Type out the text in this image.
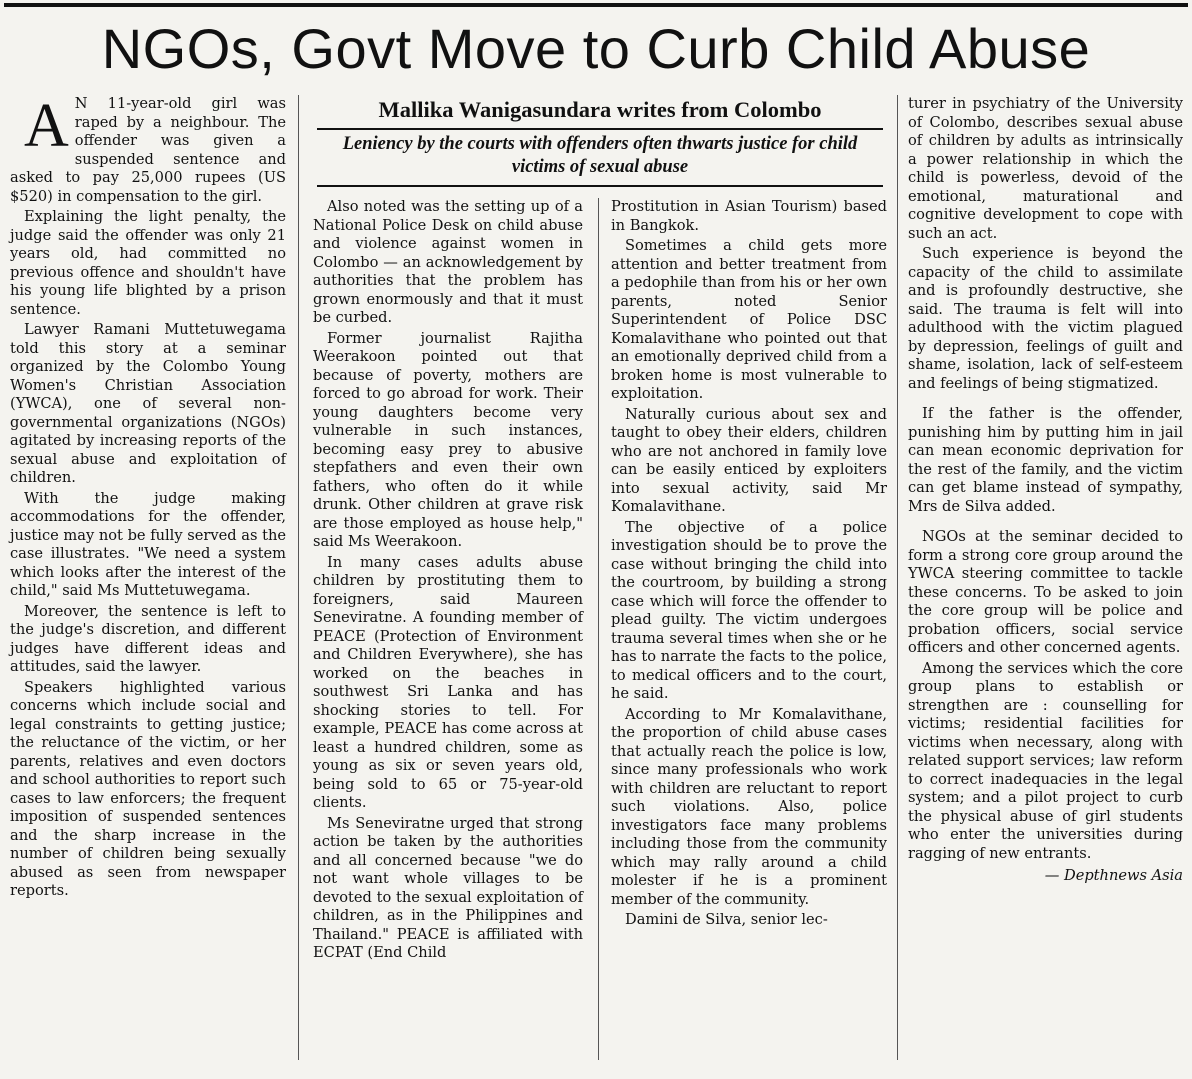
NGOs, Govt Move to Curb Child Abuse

A N 11-year-old girl was raped by a neighbour. The offender was given a suspended sentence and asked to pay 25,000 rupees (US $520) in compensation to the girl.

Explaining the light penalty, the judge said the offender was only 21 years old, had committed no previous offence and shouldn't have his young life blighted by a prison sentence.

Lawyer Ramani Muttetuwegama told this story at a seminar organized by the Colombo Young Women's Christian Association (YWCA), one of several non-governmental organizations (NGOs) agitated by increasing reports of the sexual abuse and exploitation of children.

With the judge making accommodations for the offender, justice may not be fully served as the case illustrates. "We need a system which looks after the interest of the child," said Ms Muttetuwegama.

Moreover, the sentence is left to the judge's discretion, and different judges have different ideas and attitudes, said the lawyer.

Speakers highlighted various concerns which include social and legal constraints to getting justice; the reluctance of the victim, or her parents, relatives and even doctors and school authorities to report such cases to law enforcers; the frequent imposition of suspended sentences and the sharp increase in the number of children being sexually abused as seen from newspaper reports.

Mallika Wanigasundara writes from Colombo
Leniency by the courts with offenders often thwarts justice for child victims of sexual abuse

Also noted was the setting up of a National Police Desk on child abuse and violence against women in Colombo — an acknowledgement by authorities that the problem has grown enormously and that it must be curbed.

Former journalist Rajitha Weerakoon pointed out that because of poverty, mothers are forced to go abroad for work. Their young daughters become very vulnerable in such instances, becoming easy prey to abusive stepfathers and even their own fathers, who often do it while drunk. Other children at grave risk are those employed as house help," said Ms Weerakoon.

In many cases adults abuse children by prostituting them to foreigners, said Maureen Seneviratne. A founding member of PEACE (Protection of Environment and Children Everywhere), she has worked on the beaches in southwest Sri Lanka and has shocking stories to tell. For example, PEACE has come across at least a hundred children, some as young as six or seven years old, being sold to 65 or 75-year-old clients.

Ms Seneviratne urged that strong action be taken by the authorities and all concerned because "we do not want whole villages to be devoted to the sexual exploitation of children, as in the Philippines and Thailand." PEACE is affiliated with ECPAT (End Child

Prostitution in Asian Tourism) based in Bangkok.

Sometimes a child gets more attention and better treatment from a pedophile than from his or her own parents, noted Senior Superintendent of Police DSC Komalavithane who pointed out that an emotionally deprived child from a broken home is most vulnerable to exploitation.

Naturally curious about sex and taught to obey their elders, children who are not anchored in family love can be easily enticed by exploiters into sexual activity, said Mr Komalavithane.

The objective of a police investigation should be to prove the case without bringing the child into the courtroom, by building a strong case which will force the offender to plead guilty. The victim undergoes trauma several times when she or he has to narrate the facts to the police, to medical officers and to the court, he said.

According to Mr Komalavithane, the proportion of child abuse cases that actually reach the police is low, since many professionals who work with children are reluctant to report such violations. Also, police investigators face many problems including those from the community which may rally around a child molester if he is a prominent member of the community.

Damini de Silva, senior lec-

turer in psychiatry of the University of Colombo, describes sexual abuse of children by adults as intrinsically a power relationship in which the child is powerless, devoid of the emotional, maturational and cognitive development to cope with such an act.

Such experience is beyond the capacity of the child to assimilate and is profoundly destructive, she said. The trauma is felt will into adulthood with the victim plagued by depression, feelings of guilt and shame, isolation, lack of self-esteem and feelings of being stigmatized.

If the father is the offender, punishing him by putting him in jail can mean economic deprivation for the rest of the family, and the victim can get blame instead of sympathy, Mrs de Silva added.

NGOs at the seminar decided to form a strong core group around the YWCA steering committee to tackle these concerns. To be asked to join the core group will be police and probation officers, social service officers and other concerned agents.

Among the services which the core group plans to establish or strengthen are : counselling for victims; residential facilities for victims when necessary, along with related support services; law reform to correct inadequacies in the legal system; and a pilot project to curb the physical abuse of girl students who enter the universities during ragging of new entrants.

— Depthnews Asia
